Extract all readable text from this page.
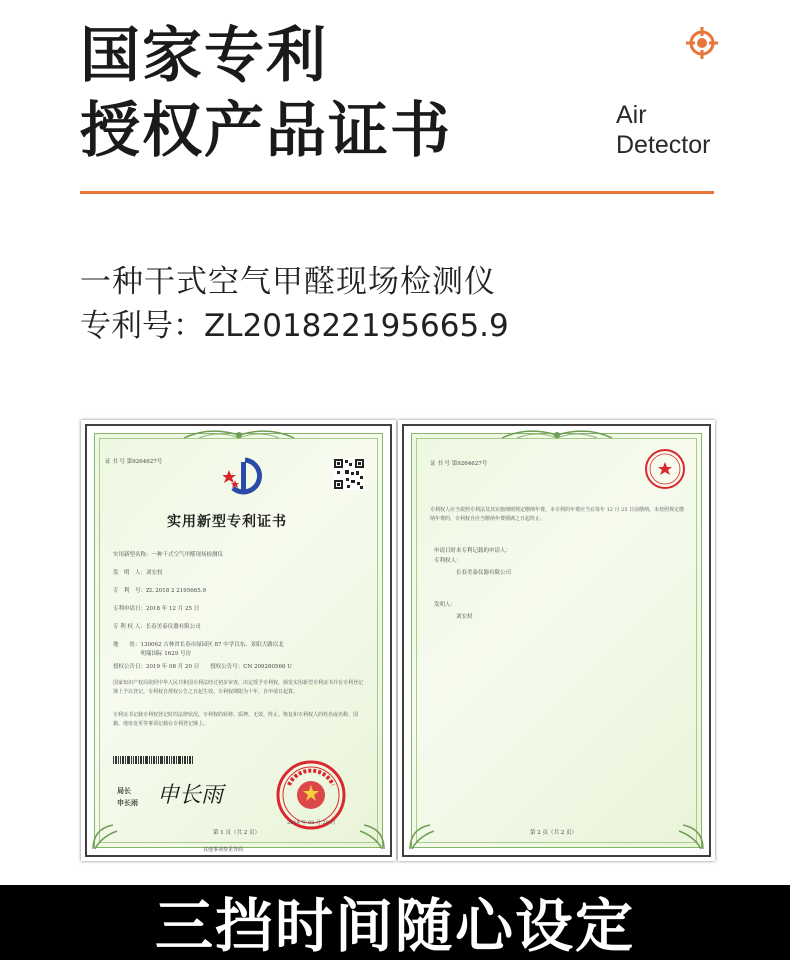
国家专利
授权产品证书	Air
Detector
一种干式空气甲醛现场检测仪
专利号：ZL201822195665.9
证 书 号 第9264627号
实用新型专利证书
实用新型名称：一种干式空气甲醛现场检测仪
发　明　人：刘宏权
专　利　号：ZL 2018 2 2195665.9
专利申请日：2018 年 12 月 25 日
专 利 权 人：长春美泰仪器有限公司
地　　址：130062 吉林省长春市绿园区 87 中学以东、景阳大路以北
　　　　　明瑞国际 1629 号房
授权公告日：2019 年 08 月 20 日　　授权公告号：CN 209280566 U
国家知识产权局依照中华人民共和国专利法经过初步审查，决定授予专利权，颁发实用新型专利证书并在专利登记簿上予以登记。专利权自授权公告之日起生效。专利权期限为十年，自申请日起算。
专利证书记载专利权登记时的法律状况。专利权的转移、质押、无效、终止、恢复和专利权人的姓名或名称、国籍、地址变更等事项记载在专利登记簿上。
局长
申长雨 申长雨
2019 年 08 月 20 日
第 1 页（共 2 页）
其他事项参见背面
证 书 号 第9264627号
专利权人应当依照专利法及其实施细则规定缴纳年费。本专利的年费应当在每年 12 月 25 日前缴纳。未按照规定缴纳年费的，专利权自应当缴纳年费期满之日起终止。
申请日时本专利记载的申请人：
专利权人：
长春美泰仪器有限公司
发明人：
刘宏权
第 2 页（共 2 页）
三挡时间随心设定
